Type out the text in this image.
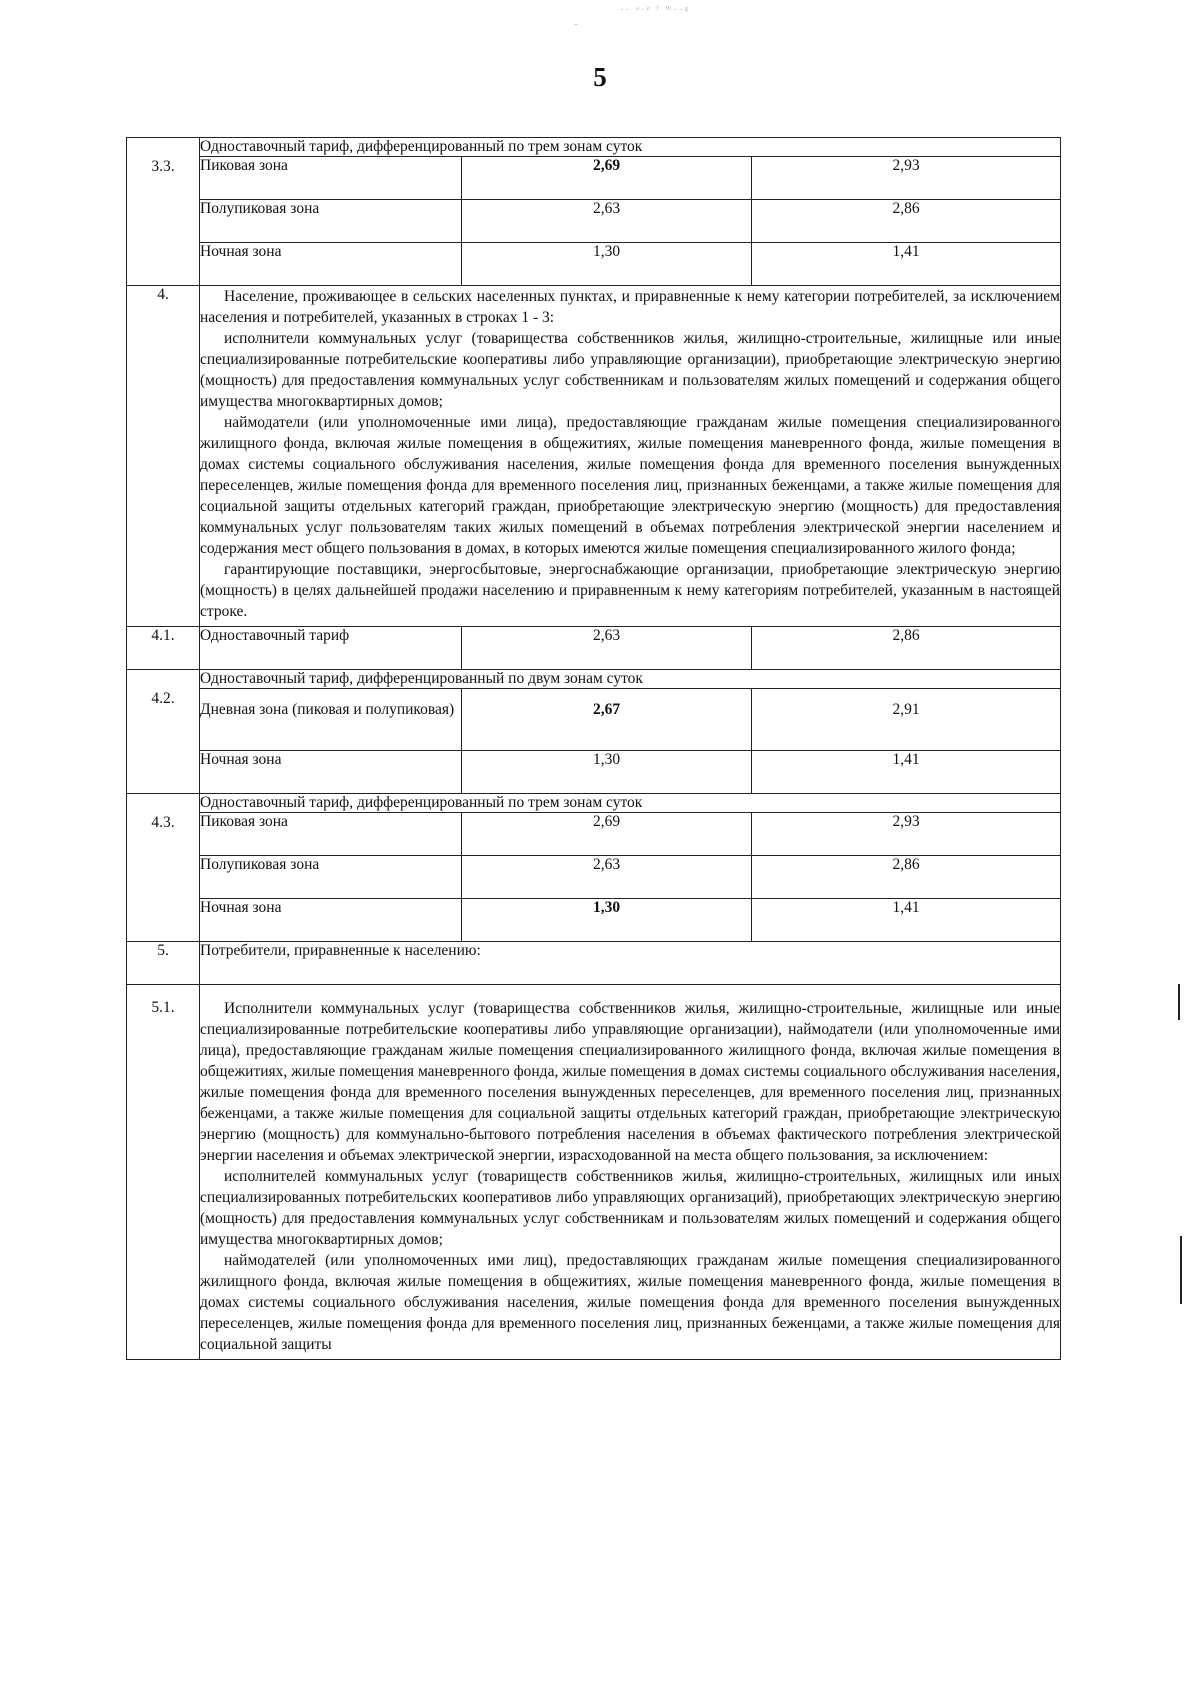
·· ᵃ·ᵉ ᶠ ᵂ··ᵍ
-
5
3.3.	Одноставочный тариф, дифференцированный по трем зонам суток		
	Пиковая зона	2,69	2,93
	Полупиковая зона	2,63	2,86
	Ночная зона	1,30	1,41
4.	Население, проживающее в сельских населенных пунктах, и приравненные к нему категории потребителей, за исключением населения и потребителей, указанных в строках 1 - 3:

исполнители коммунальных услуг (товарищества собственников жилья, жилищно-строительные, жилищные или иные специализированные потребительские кооперативы либо управляющие организации), приобретающие электрическую энергию (мощность) для предоставления коммунальных услуг собственникам и пользователям жилых помещений и содержания общего имущества многоквартирных домов;

наймодатели (или уполномоченные ими лица), предоставляющие гражданам жилые помещения специализированного жилищного фонда, включая жилые помещения в общежитиях, жилые помещения маневренного фонда, жилые помещения в домах системы социального обслуживания населения, жилые помещения фонда для временного поселения вынужденных переселенцев, жилые помещения фонда для временного поселения лиц, признанных беженцами, а также жилые помещения для социальной защиты отдельных категорий граждан, приобретающие электрическую энергию (мощность) для предоставления коммунальных услуг пользователям таких жилых помещений в объемах потребления электрической энергии населением и содержания мест общего пользования в домах, в которых имеются жилые помещения специализированного жилого фонда;

гарантирующие поставщики, энергосбытовые, энергоснабжающие организации, приобретающие электрическую энергию (мощность) в целях дальнейшей продажи населению и приравненным к нему категориям потребителей, указанным в настоящей строке.		

4.1.	Одноставочный тариф	2,63	2,86
4.2.	Одноставочный тариф, дифференцированный по двум зонам суток		
	Дневная зона (пиковая и полупиковая)	2,67	2,91
	Ночная зона	1,30	1,41
4.3.	Одноставочный тариф, дифференцированный по трем зонам суток		
	Пиковая зона	2,69	2,93
	Полупиковая зона	2,63	2,86
	Ночная зона	1,30	1,41
5.	Потребители, приравненные к населению:		
5.1.	Исполнители коммунальных услуг (товарищества собственников жилья, жилищно-строительные, жилищные или иные специализированные потребительские кооперативы либо управляющие организации), наймодатели (или уполномоченные ими лица), предоставляющие гражданам жилые помещения специализированного жилищного фонда, включая жилые помещения в общежитиях, жилые помещения маневренного фонда, жилые помещения в домах системы социального обслуживания населения, жилые помещения фонда для временного поселения вынужденных переселенцев, для временного поселения лиц, признанных беженцами, а также жилые помещения для социальной защиты отдельных категорий граждан, приобретающие электрическую энергию (мощность) для коммунально-бытового потребления населения в объемах фактического потребления электрической энергии населения и объемах электрической энергии, израсходованной на места общего пользования, за исключением:

исполнителей коммунальных услуг (товариществ собственников жилья, жилищно-строительных, жилищных или иных специализированных потребительских кооперативов либо управляющих организаций), приобретающих электрическую энергию (мощность) для предоставления коммунальных услуг собственникам и пользователям жилых помещений и содержания общего имущества многоквартирных домов;

наймодателей (или уполномоченных ими лиц), предоставляющих гражданам жилые помещения специализированного жилищного фонда, включая жилые помещения в общежитиях, жилые помещения маневренного фонда, жилые помещения в домах системы социального обслуживания населения, жилые помещения фонда для временного поселения вынужденных переселенцев, жилые помещения фонда для временного поселения лиц, признанных беженцами, а также жилые помещения для социальной защиты		
